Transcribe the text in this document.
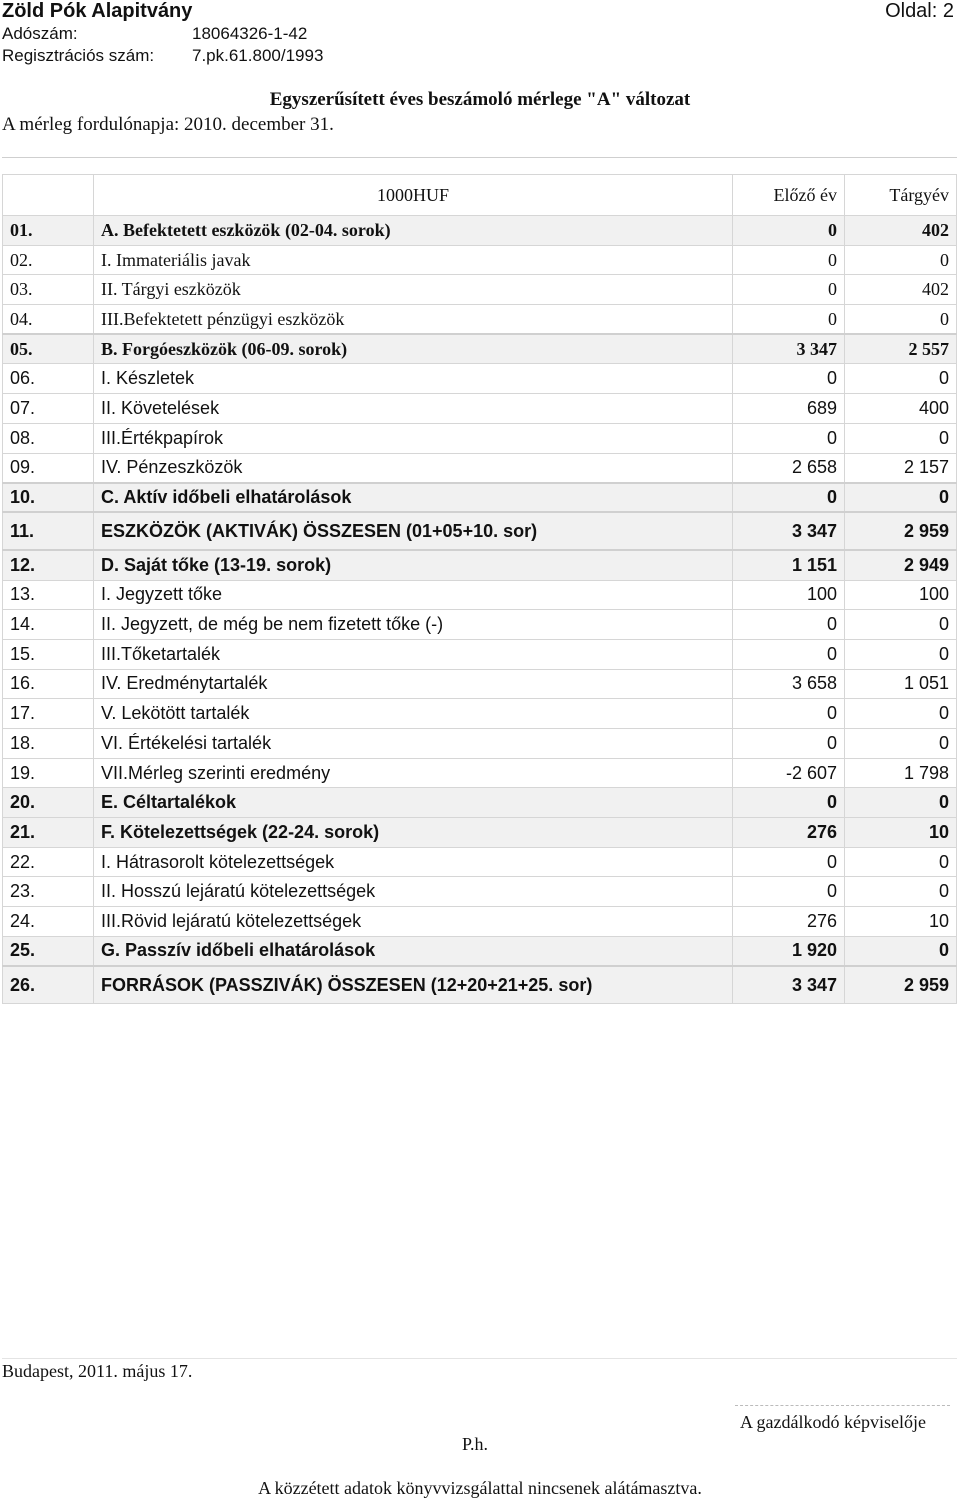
Zöld Pók Alapitvány	Oldal: 2
Adószám:	18064326-1-42
Regisztrációs szám: 7.pk.61.800/1993
Egyszerűsített éves beszámoló mérlege "A" változat
A mérleg fordulónapja: 2010. december 31.
	1000HUF	Előző év	Tárgyév
01.	A. Befektetett eszközök (02-04. sorok)	0	402
02.	I. Immateriális javak	0	0
03.	II. Tárgyi eszközök	0	402
04.	III.Befektetett pénzügyi eszközök	0	0
05.	B. Forgóeszközök (06-09. sorok)	3 347	2 557
06.	I. Készletek	0	0
07.	II. Követelések	689	400
08.	III.Értékpapírok	0	0
09.	IV. Pénzeszközök	2 658	2 157
10.	C. Aktív időbeli elhatárolások	0	0
11.	ESZKÖZÖK (AKTIVÁK) ÖSSZESEN (01+05+10. sor)	3 347	2 959
12.	D. Saját tőke (13-19. sorok)	1 151	2 949
13.	I. Jegyzett tőke	100	100
14.	II. Jegyzett, de még be nem fizetett tőke (-)	0	0
15.	III.Tőketartalék	0	0
16.	IV. Eredménytartalék	3 658	1 051
17.	V. Lekötött tartalék	0	0
18.	VI. Értékelési tartalék	0	0
19.	VII.Mérleg szerinti eredmény	-2 607	1 798
20.	E. Céltartalékok	0	0
21.	F. Kötelezettségek (22-24. sorok)	276	10
22.	I. Hátrasorolt kötelezettségek	0	0
23.	II. Hosszú lejáratú kötelezettségek	0	0
24.	III.Rövid lejáratú kötelezettségek	276	10
25.	G. Passzív időbeli elhatárolások	1 920	0
26.	FORRÁSOK (PASSZIVÁK) ÖSSZESEN (12+20+21+25. sor)	3 347	2 959
Budapest, 2011. május 17.
A gazdálkodó képviselője
P.h.
A közzétett adatok könyvvizsgálattal nincsenek alátámasztva.
